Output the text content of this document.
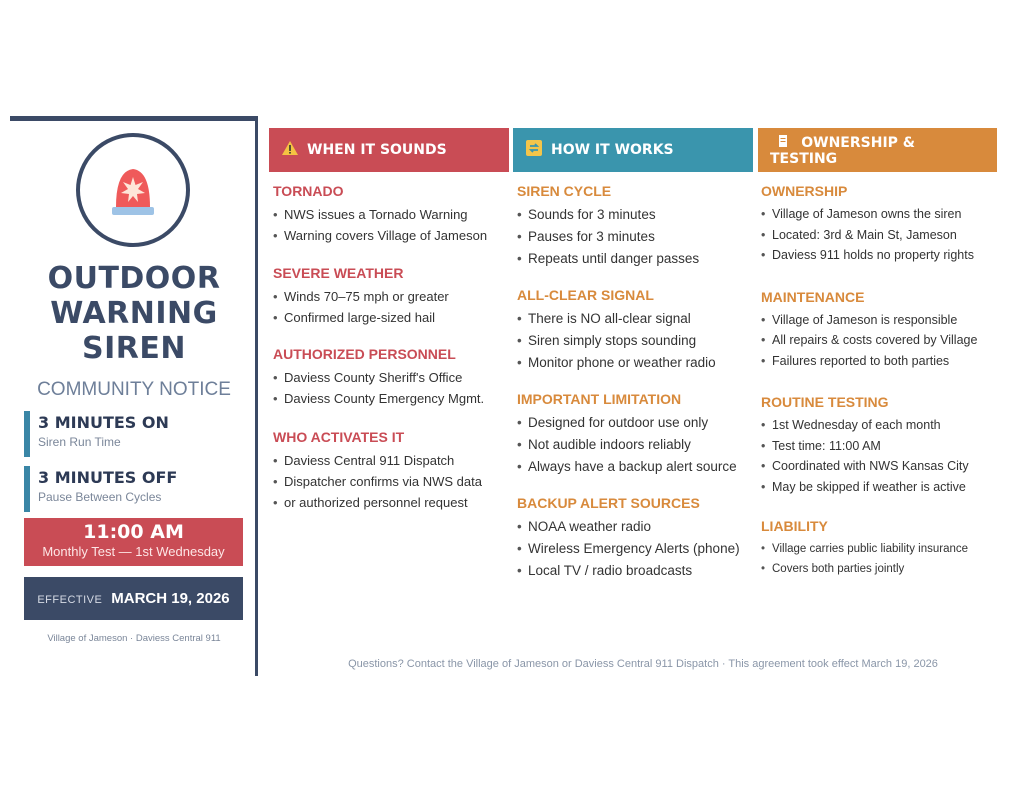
OUTDOOR
WARNING
SIREN
COMMUNITY NOTICE
3 MINUTES ON
Siren Run Time
3 MINUTES OFF
Pause Between Cycles
11:00 AM
Monthly Test — 1st Wednesday
EFFECTIVE MARCH 19, 2026
Village of Jameson · Daviess Central 911
WHEN IT SOUNDS	HOW IT WORKS	OWNERSHIP &
TESTING
TORNADO
• NWS issues a Tornado Warning
• Warning covers Village of Jameson
SEVERE WEATHER
• Winds 70–75 mph or greater
• Confirmed large-sized hail
AUTHORIZED PERSONNEL
• Daviess County Sheriff's Office
• Daviess County Emergency Mgmt.
WHO ACTIVATES IT
• Daviess Central 911 Dispatch
• Dispatcher confirms via NWS data
• or authorized personnel request
SIREN CYCLE
• Sounds for 3 minutes
• Pauses for 3 minutes
• Repeats until danger passes
ALL-CLEAR SIGNAL
• There is NO all-clear signal
• Siren simply stops sounding
• Monitor phone or weather radio
IMPORTANT LIMITATION
• Designed for outdoor use only
• Not audible indoors reliably
• Always have a backup alert source
BACKUP ALERT SOURCES
• NOAA weather radio
• Wireless Emergency Alerts (phone)
• Local TV / radio broadcasts
OWNERSHIP
• Village of Jameson owns the siren
• Located: 3rd & Main St, Jameson
• Daviess 911 holds no property rights
MAINTENANCE
• Village of Jameson is responsible
• All repairs & costs covered by Village
• Failures reported to both parties
ROUTINE TESTING
• 1st Wednesday of each month
• Test time: 11:00 AM
• Coordinated with NWS Kansas City
• May be skipped if weather is active
LIABILITY
• Village carries public liability insurance
• Covers both parties jointly
Questions? Contact the Village of Jameson or Daviess Central 911 Dispatch · This agreement took effect March 19, 2026
